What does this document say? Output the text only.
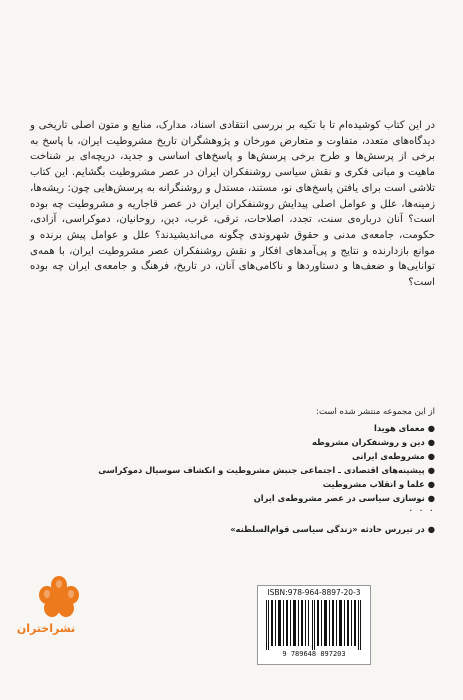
در این کتاب کوشیده‌ام تا با تکیه بر بررسی انتقادی اسناد، مدارک، منابع و متون اصلی تاریخی و دیدگاه‌های متعدد، متفاوت و متعارض مورخان و پژوهشگران تاریخ مشروطیت ایران، با پاسخ به برخی از پرسش‌ها و طرح برخی پرسش‌ها و پاسخ‌های اساسی و جدید، دریچه‌ای بر شناخت ماهیت و مبانی فکری و نقش سیاسی روشنفکران ایران در عصر مشروطیت بگشایم. این کتاب تلاشی است برای یافتن پاسخ‌های نو، مستند، مستدل و روشنگرانه به پرسش‌هایی چون: ریشه‌ها، زمینه‌ها، علل و عوامل اصلی پیدایش روشنفکران ایران در عصر قاجاریه و مشروطیت چه بوده است؟ آنان درباره‌ی سنت، تجدد، اصلاحات، ترقی، غرب، دین، روحانیان، دموکراسی، آزادی، حکومت، جامعه‌ی مدنی و حقوق شهروندی چگونه می‌اندیشیدند؟ علل و عوامل پیش برنده و موانع بازدارنده و نتایج و پی‌آمدهای افکار و نقش روشنفکران عصر مشروطیت ایران، با همه‌ی توانایی‌ها و ضعف‌ها و دستاوردها و ناکامی‌های آنان، در تاریخ، فرهنگ و جامعه‌ی ایران چه بوده است؟

از این مجموعه منتشر شده است:
●معمای هویدا
●دین و روشنفکران مشروطه
●مشروطه‌ی ایرانی
●پیشینه‌های اقتصادی ـ اجتماعی جنبش مشروطیت و انکشاف سوسیال دموکراسی
●علما و انقلاب مشروطیت
●نوسازی سیاسی در عصر مشروطه‌ی ایران
. . .
●در تیررس حادثه «زندگی سیاسی قوام‌السلطنه»
نشراختران
ISBN:978-964-8897-20-3
9 789648 897203
